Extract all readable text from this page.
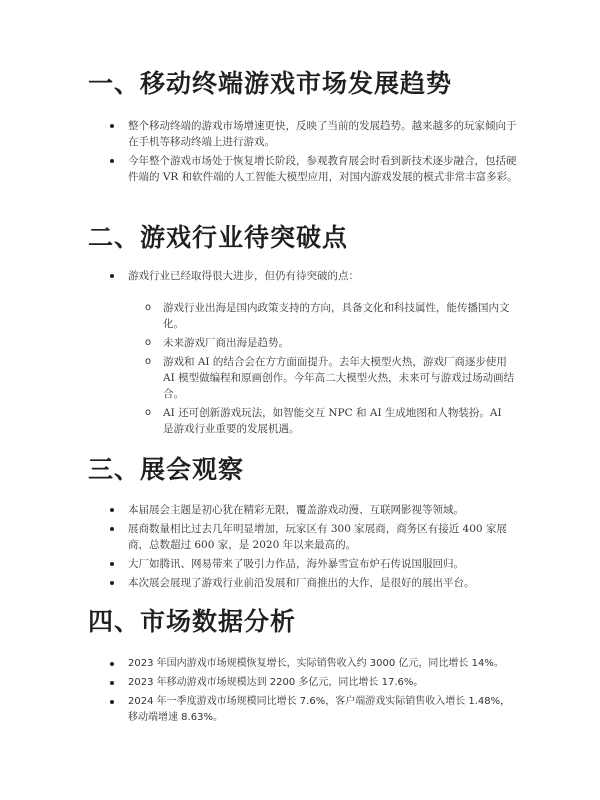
一、移动终端游戏市场发展趋势
整个移动终端的游戏市场增速更快，反映了当前的发展趋势。越来越多的玩家倾向于在手机等移动终端上进行游戏。
今年整个游戏市场处于恢复增长阶段，参观教育展会时看到新技术逐步融合，包括硬件端的 VR 和软件端的人工智能大模型应用，对国内游戏发展的模式非常丰富多彩。
二、游戏行业待突破点
游戏行业已经取得很大进步，但仍有待突破的点：
o 游戏行业出海是国内政策支持的方向，具备文化和科技属性，能传播国内文化。
o 未来游戏厂商出海是趋势。
o 游戏和 AI 的结合会在方方面面提升。去年大模型火热，游戏厂商逐步使用 AI 模型做编程和原画创作。今年高二大模型火热，未来可与游戏过场动画结合。
o AI 还可创新游戏玩法，如智能交互 NPC 和 AI 生成地图和人物装扮。AI 是游戏行业重要的发展机遇。
三、展会观察
本届展会主题是初心犹在精彩无限，覆盖游戏动漫、互联网影视等领域。
展商数量相比过去几年明显增加，玩家区有 300 家展商，商务区有接近 400 家展商，总数超过 600 家，是 2020 年以来最高的。
大厂如腾讯、网易带来了吸引力作品，海外暴雪宣布炉石传说国服回归。
本次展会展现了游戏行业前沿发展和厂商推出的大作，是很好的展出平台。
四、市场数据分析
2023 年国内游戏市场规模恢复增长，实际销售收入约 3000 亿元，同比增长 14%。
2023 年移动游戏市场规模达到 2200 多亿元，同比增长 17.6%。
2024 年一季度游戏市场规模同比增长 7.6%，客户端游戏实际销售收入增长 1.48%，移动端增速 8.63%。
